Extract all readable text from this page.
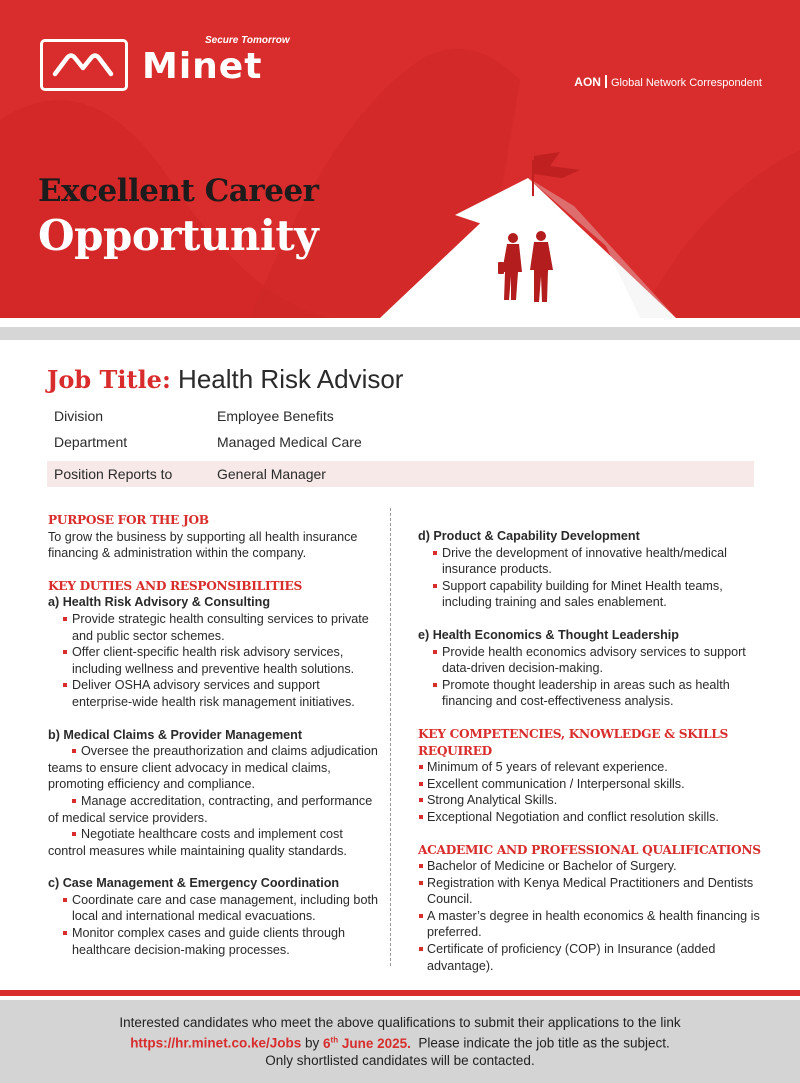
Secure Tomorrow
Minet	AON Global Network Correspondent
Excellent Career
Opportunity
Job Title: Health Risk Advisor
Division	Employee Benefits
Department	Managed Medical Care
Position Reports to	General Manager
PURPOSE FOR THE JOB
To grow the business by supporting all health insurance financing & administration within the company.
KEY DUTIES AND RESPONSIBILITIES
a) Health Risk Advisory & Consulting
Provide strategic health consulting services to private and public sector schemes.
Offer client-specific health risk advisory services, including wellness and preventive health solutions.
Deliver OSHA advisory services and support enterprise-wide health risk management initiatives.
b) Medical Claims & Provider Management
Oversee the preauthorization and claims adjudication teams to ensure client advocacy in medical claims, promoting efficiency and compliance.
Manage accreditation, contracting, and performance of medical service providers.
Negotiate healthcare costs and implement cost control measures while maintaining quality standards.
c) Case Management & Emergency Coordination
Coordinate care and case management, including both local and international medical evacuations.
Monitor complex cases and guide clients through healthcare decision-making processes.
d) Product & Capability Development
Drive the development of innovative health/medical insurance products.
Support capability building for Minet Health teams, including training and sales enablement.
e) Health Economics & Thought Leadership
Provide health economics advisory services to support data-driven decision-making.
Promote thought leadership in areas such as health financing and cost-effectiveness analysis.
KEY COMPETENCIES, KNOWLEDGE & SKILLS REQUIRED
Minimum of 5 years of relevant experience.
Excellent communication / Interpersonal skills.
Strong Analytical Skills.
Exceptional Negotiation and conflict resolution skills.
ACADEMIC AND PROFESSIONAL QUALIFICATIONS
Bachelor of Medicine or Bachelor of Surgery.
Registration with Kenya Medical Practitioners and Dentists Council.
A master’s degree in health economics & health financing is preferred.
Certificate of proficiency (COP) in Insurance (added advantage).
Interested candidates who meet the above qualifications to submit their applications to the link
https://hr.minet.co.ke/Jobs by 6th June 2025. Please indicate the job title as the subject.
Only shortlisted candidates will be contacted.
